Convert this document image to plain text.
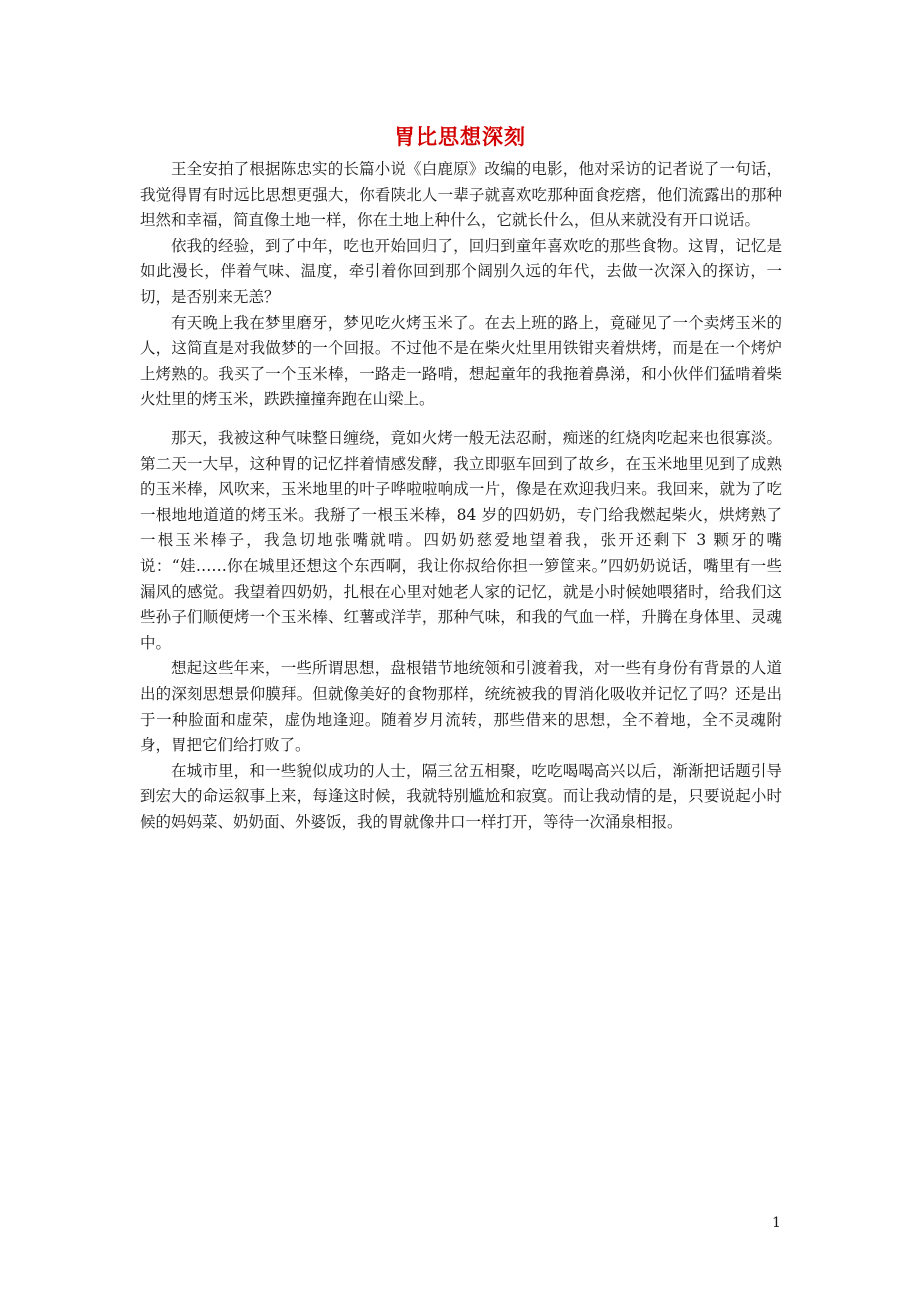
胃比思想深刻

王全安拍了根据陈忠实的长篇小说《白鹿原》改编的电影，他对采访的记者说了一句话，我觉得胃有时远比思想更强大，你看陕北人一辈子就喜欢吃那种面食疙瘩，他们流露出的那种坦然和幸福，简直像土地一样，你在土地上种什么，它就长什么，但从来就没有开口说话。

依我的经验，到了中年，吃也开始回归了，回归到童年喜欢吃的那些食物。这胃，记忆是如此漫长，伴着气味、温度，牵引着你回到那个阔别久远的年代，去做一次深入的探访，一切，是否别来无恙？

有天晚上我在梦里磨牙，梦见吃火烤玉米了。在去上班的路上，竟碰见了一个卖烤玉米的人，这简直是对我做梦的一个回报。不过他不是在柴火灶里用铁钳夹着烘烤，而是在一个烤炉上烤熟的。我买了一个玉米棒，一路走一路啃，想起童年的我拖着鼻涕，和小伙伴们猛啃着柴火灶里的烤玉米，跌跌撞撞奔跑在山梁上。

那天，我被这种气味整日缠绕，竟如火烤一般无法忍耐，痴迷的红烧肉吃起来也很寡淡。第二天一大早，这种胃的记忆拌着情感发酵，我立即驱车回到了故乡，在玉米地里见到了成熟的玉米棒，风吹来，玉米地里的叶子哗啦啦响成一片，像是在欢迎我归来。我回来，就为了吃一根地地道道的烤玉米。我掰了一根玉米棒，84 岁的四奶奶，专门给我燃起柴火，烘烤熟了一根玉米棒子，我急切地张嘴就啃。四奶奶慈爱地望着我，张开还剩下 3 颗牙的嘴说：“娃……你在城里还想这个东西啊，我让你叔给你担一箩筐来。”四奶奶说话，嘴里有一些漏风的感觉。我望着四奶奶，扎根在心里对她老人家的记忆，就是小时候她喂猪时，给我们这些孙子们顺便烤一个玉米棒、红薯或洋芋，那种气味，和我的气血一样，升腾在身体里、灵魂中。

想起这些年来，一些所谓思想，盘根错节地统领和引渡着我，对一些有身份有背景的人道出的深刻思想景仰膜拜。但就像美好的食物那样，统统被我的胃消化吸收并记忆了吗？还是出于一种脸面和虚荣，虚伪地逢迎。随着岁月流转，那些借来的思想，全不着地，全不灵魂附身，胃把它们给打败了。

在城市里，和一些貌似成功的人士，隔三岔五相聚，吃吃喝喝高兴以后，渐渐把话题引导到宏大的命运叙事上来，每逢这时候，我就特别尴尬和寂寞。而让我动情的是，只要说起小时候的妈妈菜、奶奶面、外婆饭，我的胃就像井口一样打开，等待一次涌泉相报。

1
